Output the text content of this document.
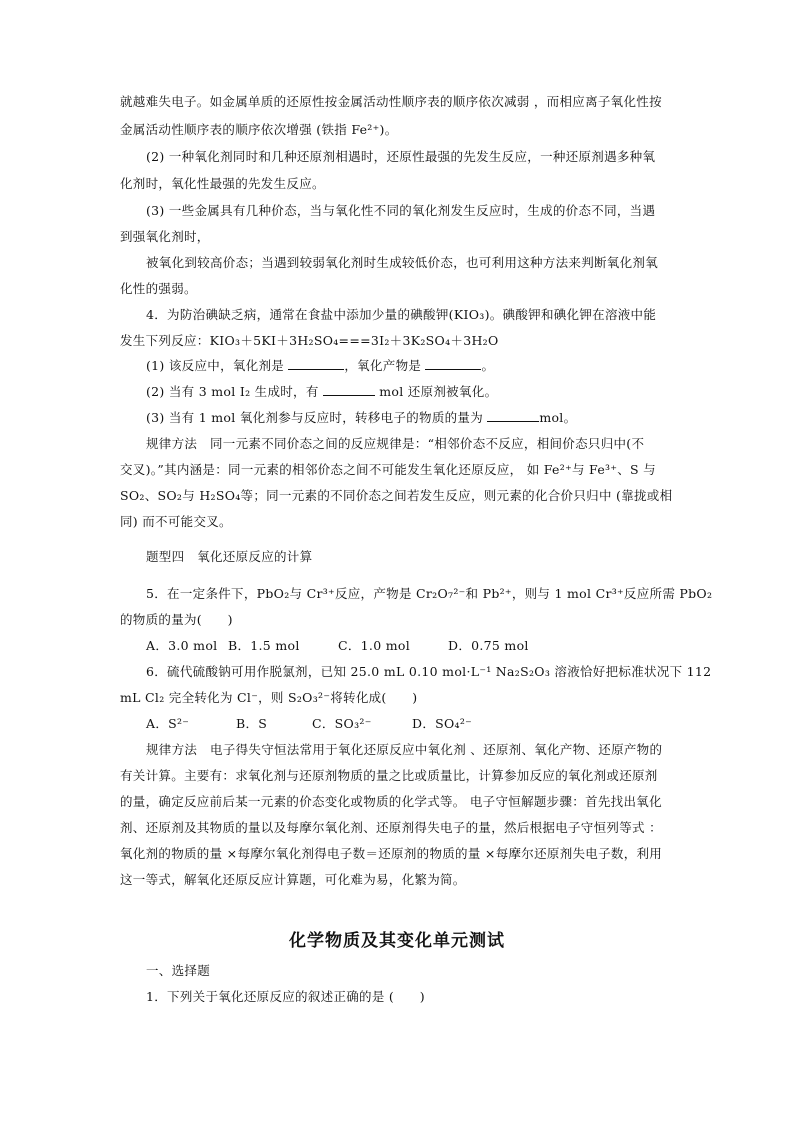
就越难失电子。如金属单质的还原性按金属活动性顺序表的顺序依次减弱 ，而相应离子氧化性按
金属活动性顺序表的顺序依次增强 (铁指 Fe²⁺)。
(2) 一种氧化剂同时和几种还原剂相遇时，还原性最强的先发生反应，一种还原剂遇多种氧
化剂时，氧化性最强的先发生反应。
(3) 一些金属具有几种价态，当与氧化性不同的氧化剂发生反应时，生成的价态不同，当遇
到强氧化剂时，
被氧化到较高价态；当遇到较弱氧化剂时生成较低价态，也可利用这种方法来判断氧化剂氧
化性的强弱。
4．为防治碘缺乏病，通常在食盐中添加少量的碘酸钾(KIO₃)。碘酸钾和碘化钾在溶液中能
发生下列反应：KIO₃＋5KI＋3H₂SO₄===3I₂＋3K₂SO₄＋3H₂O
(1) 该反应中，氧化剂是	，氧化产物是	。
(2) 当有 3 mol I₂ 生成时，有	mol 还原剂被氧化。
(3) 当有 1 mol 氧化剂参与反应时，转移电子的物质的量为	mol。
规律方法　同一元素不同价态之间的反应规律是：“相邻价态不反应，相间价态只归中(不
交叉)。”其内涵是：同一元素的相邻价态之间不可能发生氧化还原反应， 如 Fe²⁺与 Fe³⁺、S 与
SO₂、SO₂与 H₂SO₄等；同一元素的不同价态之间若发生反应，则元素的化合价只归中 (靠拢或相
同) 而不可能交叉。
题型四　氧化还原反应的计算
5．在一定条件下，PbO₂与 Cr³⁺反应，产物是 Cr₂O₇²⁻和 Pb²⁺，则与 1 mol Cr³⁺反应所需 PbO₂
的物质的量为(　　)
A．3.0 mol B．1.5 mol	C．1.0 mol	D．0.75 mol
6．硫代硫酸钠可用作脱氯剂，已知 25.0 mL 0.10 mol·L⁻¹ Na₂S₂O₃ 溶液恰好把标准状况下 112
mL Cl₂ 完全转化为 Cl⁻，则 S₂O₃²⁻将转化成(　　)
A．S²⁻	B．S	C．SO₃²⁻	D．SO₄²⁻
规律方法　电子得失守恒法常用于氧化还原反应中氧化剂 、还原剂、氧化产物、还原产物的
有关计算。主要有：求氧化剂与还原剂物质的量之比或质量比，计算参加反应的氧化剂或还原剂
的量，确定反应前后某一元素的价态变化或物质的化学式等。 电子守恒解题步骤：首先找出氧化
剂、还原剂及其物质的量以及每摩尔氧化剂、还原剂得失电子的量，然后根据电子守恒列等式 ：
氧化剂的物质的量 ×每摩尔氧化剂得电子数＝还原剂的物质的量 ×每摩尔还原剂失电子数，利用
这一等式，解氧化还原反应计算题，可化难为易，化繁为简。
化学物质及其变化单元测试
一、选择题
1．下列关于氧化还原反应的叙述正确的是 (　　)
